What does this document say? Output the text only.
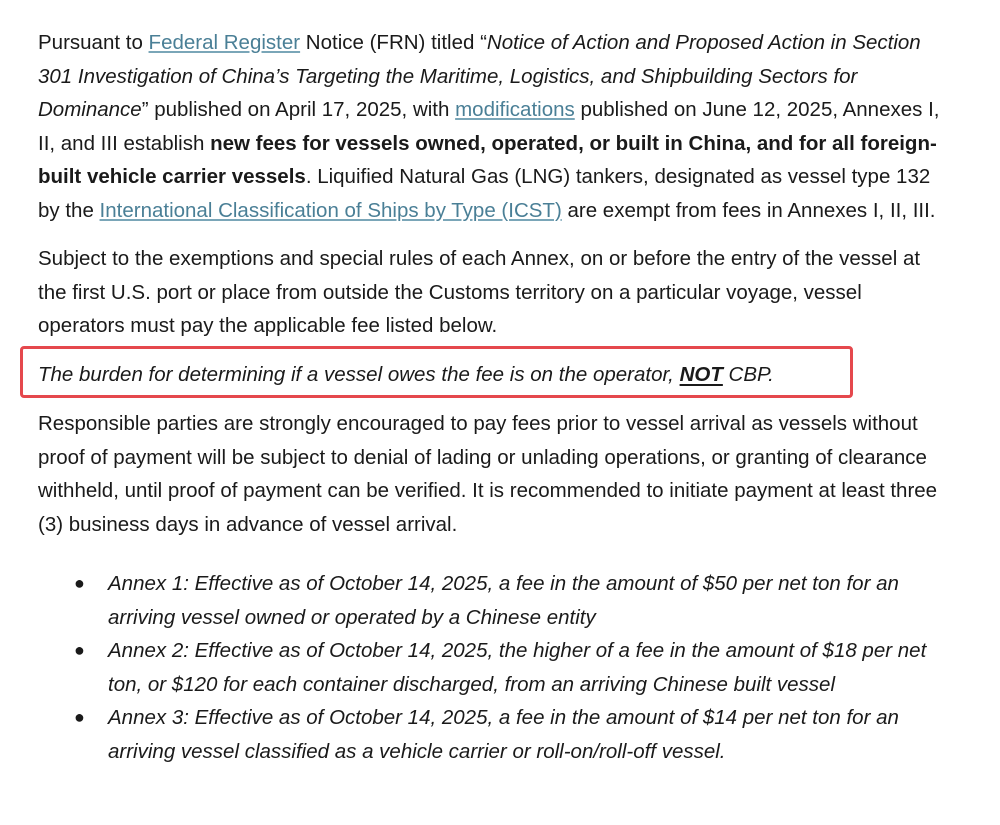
Pursuant to Federal Register Notice (FRN) titled “Notice of Action and Proposed Action in Section 301 Investigation of China’s Targeting the Maritime, Logistics, and Shipbuilding Sectors for Dominance” published on April 17, 2025, with modifications published on June 12, 2025, Annexes I, II, and III establish new fees for vessels owned, operated, or built in China, and for all foreign-built vehicle carrier vessels. Liquified Natural Gas (LNG) tankers, designated as vessel type 132 by the International Classification of Ships by Type (ICST) are exempt from fees in Annexes I, II, III.

Subject to the exemptions and special rules of each Annex, on or before the entry of the vessel at the first U.S. port or place from outside the Customs territory on a particular voyage, vessel operators must pay the applicable fee listed below.

The burden for determining if a vessel owes the fee is on the operator, NOT CBP.

Responsible parties are strongly encouraged to pay fees prior to vessel arrival as vessels without proof of payment will be subject to denial of lading or unlading operations, or granting of clearance withheld, until proof of payment can be verified. It is recommended to initiate payment at least three (3) business days in advance of vessel arrival.

● Annex 1: Effective as of October 14, 2025, a fee in the amount of $50 per net ton for an arriving vessel owned or operated by a Chinese entity
● Annex 2: Effective as of October 14, 2025, the higher of a fee in the amount of $18 per net ton, or $120 for each container discharged, from an arriving Chinese built vessel
● Annex 3: Effective as of October 14, 2025, a fee in the amount of $14 per net ton for an arriving vessel classified as a vehicle carrier or roll-on/roll-off vessel.
